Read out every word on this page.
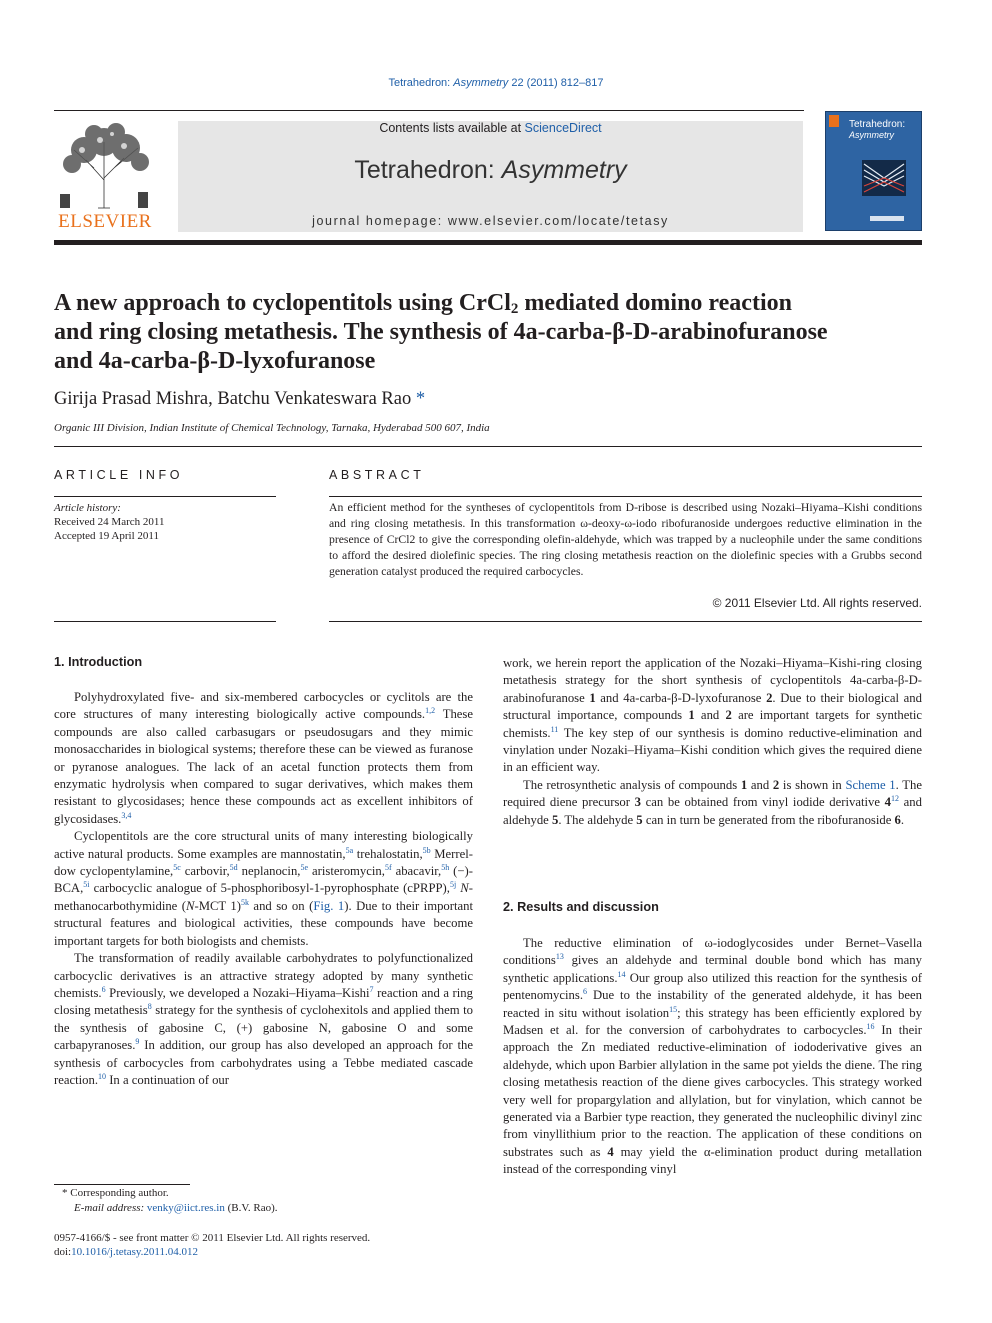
Tetrahedron: Asymmetry 22 (2011) 812–817
ELSEVIER
Contents lists available at ScienceDirect
Tetrahedron: Asymmetry
journal homepage: www.elsevier.com/locate/tetasy
Tetrahedron:
Asymmetry
A new approach to cyclopentitols using CrCl$_2$ mediated domino reaction
and ring closing metathesis. The synthesis of 4a-carba-β-D-arabinofuranose
and 4a-carba-β-D-lyxofuranose
Girija Prasad Mishra, Batchu Venkateswara Rao *
Organic III Division, Indian Institute of Chemical Technology, Tarnaka, Hyderabad 500 607, India
ARTICLE INFO	ABSTRACT
Article history:
Received 24 March 2011
Accepted 19 April 2011
An efficient method for the syntheses of cyclopentitols from D-ribose is described using Nozaki–Hiyama–Kishi conditions and ring closing metathesis. In this transformation ω-deoxy-ω-iodo ribofuranoside undergoes reductive elimination in the presence of CrCl2 to give the corresponding olefin-aldehyde, which was trapped by a nucleophile under the same conditions to afford the desired diolefinic species. The ring closing metathesis reaction on the diolefinic species with a Grubbs second generation catalyst produced the required carbocycles.
© 2011 Elsevier Ltd. All rights reserved.
1. Introduction

Polyhydroxylated five- and six-membered carbocycles or cyclitols are the core structures of many interesting biologically active compounds.$^{1,2}$ These compounds are also called carbasugars or pseudosugars and they mimic monosaccharides in biological systems; therefore these can be viewed as furanose or pyranose analogues. The lack of an acetal function protects them from enzymatic hydrolysis when compared to sugar derivatives, which makes them resistant to glycosidases; hence these compounds act as excellent inhibitors of glycosidases.$^{3,4}$

Cyclopentitols are the core structural units of many interesting biologically active natural products. Some examples are mannostatin,$^{5a}$ trehalostatin,$^{5b}$ Merrel-dow cyclopentylamine,$^{5c}$ carbovir,$^{5d}$ neplanocin,$^{5e}$ aristeromycin,$^{5f}$ abacavir,$^{5h}$ (−)-BCA,$^{5i}$ carbocyclic analogue of 5-phosphoribosyl-1-pyrophosphate (cPRPP),$^{5j}$ N-methanocarbothymidine (N-MCT 1)$^{5k}$ and so on (Fig. 1). Due to their important structural features and biological activities, these compounds have become important targets for both biologists and chemists.

The transformation of readily available carbohydrates to polyfunctionalized carbocyclic derivatives is an attractive strategy adopted by many synthetic chemists.$^6$ Previously, we developed a Nozaki–Hiyama–Kishi$^7$ reaction and a ring closing metathesis$^8$ strategy for the synthesis of cyclohexitols and applied them to the synthesis of gabosine C, (+) gabosine N, gabosine O and some carbapyranoses.$^9$ In addition, our group has also developed an approach for the synthesis of carbocycles from carbohydrates using a Tebbe mediated cascade reaction.$^{10}$ In a continuation of our

work, we herein report the application of the Nozaki–Hiyama–Kishi-ring closing metathesis strategy for the short synthesis of cyclopentitols 4a-carba-β-D-arabinofuranose 1 and 4a-carba-β-D-lyxofuranose 2. Due to their biological and structural importance, compounds 1 and 2 are important targets for synthetic chemists.$^{11}$ The key step of our synthesis is domino reductive-elimination and vinylation under Nozaki–Hiyama–Kishi condition which gives the required diene in an efficient way.

The retrosynthetic analysis of compounds 1 and 2 is shown in Scheme 1. The required diene precursor 3 can be obtained from vinyl iodide derivative $4^{12}$ and aldehyde 5. The aldehyde 5 can in turn be generated from the ribofuranoside 6.

2. Results and discussion

The reductive elimination of ω-iodoglycosides under Bernet–Vasella conditions$^{13}$ gives an aldehyde and terminal double bond which has many synthetic applications.$^{14}$ Our group also utilized this reaction for the synthesis of pentenomycins.$^6$ Due to the instability of the generated aldehyde, it has been reacted in situ without isolation$^{15}$; this strategy has been efficiently explored by Madsen et al. for the conversion of carbohydrates to carbocycles.$^{16}$ In their approach the Zn mediated reductive-elimination of iododerivative gives an aldehyde, which upon Barbier allylation in the same pot yields the diene. The ring closing metathesis reaction of the diene gives carbocycles. This strategy worked very well for propargylation and allylation, but for vinylation, which cannot be generated via a Barbier type reaction, they generated the nucleophilic divinyl zinc from vinyllithium prior to the reaction. The application of these conditions on substrates such as 4 may yield the α-elimination product during metallation instead of the corresponding vinyl

* Corresponding author.
E-mail address: venky@iict.res.in (B.V. Rao).
0957-4166/$ - see front matter © 2011 Elsevier Ltd. All rights reserved.
doi:10.1016/j.tetasy.2011.04.012
